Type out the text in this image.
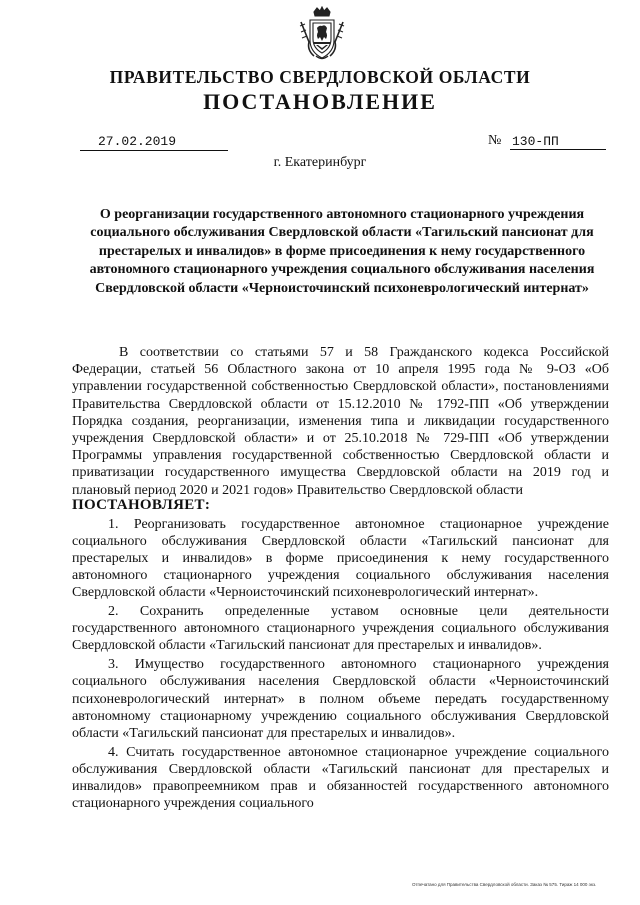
ПРАВИТЕЛЬСТВО СВЕРДЛОВСКОЙ ОБЛАСТИ
ПОСТАНОВЛЕНИЕ
27.02.2019	№ 130-ПП
г. Екатеринбург
О реорганизации государственного автономного стационарного учреждения социального обслуживания Свердловской области «Тагильский пансионат для престарелых и инвалидов» в форме присоединения к нему государственного автономного стационарного учреждения социального обслуживания населения Свердловской области «Черноисточинский психоневрологический интернат»

В соответствии со статьями 57 и 58 Гражданского кодекса Российской Федерации, статьей 56 Областного закона от 10 апреля 1995 года № 9-ОЗ «Об управлении государственной собственностью Свердловской области», постановлениями Правительства Свердловской области от 15.12.2010 № 1792-ПП «Об утверждении Порядка создания, реорганизации, изменения типа и ликвидации государственного учреждения Свердловской области» и от 25.10.2018 № 729-ПП «Об утверждении Программы управления государственной собственностью Свердловской области и приватизации государственного имущества Свердловской области на 2019 год и плановый период 2020 и 2021 годов» Правительство Свердловской области

ПОСТАНОВЛЯЕТ:

1. Реорганизовать государственное автономное стационарное учреждение социального обслуживания Свердловской области «Тагильский пансионат для престарелых и инвалидов» в форме присоединения к нему государственного автономного стационарного учреждения социального обслуживания населения Свердловской области «Черноисточинский психоневрологический интернат».

2. Сохранить определенные уставом основные цели деятельности государственного автономного стационарного учреждения социального обслуживания Свердловской области «Тагильский пансионат для престарелых и инвалидов».

3. Имущество государственного автономного стационарного учреждения социального обслуживания населения Свердловской области «Черноисточинский психоневрологический интернат» в полном объеме передать государственному автономному стационарному учреждению социального обслуживания Свердловской области «Тагильский пансионат для престарелых и инвалидов».

4. Считать государственное автономное стационарное учреждение социального обслуживания Свердловской области «Тагильский пансионат для престарелых и инвалидов» правопреемником прав и обязанностей государственного автономного стационарного учреждения социального

Отпечатано для Правительства Свердловской области. Заказ № 575. Тираж 14 000 экз.
